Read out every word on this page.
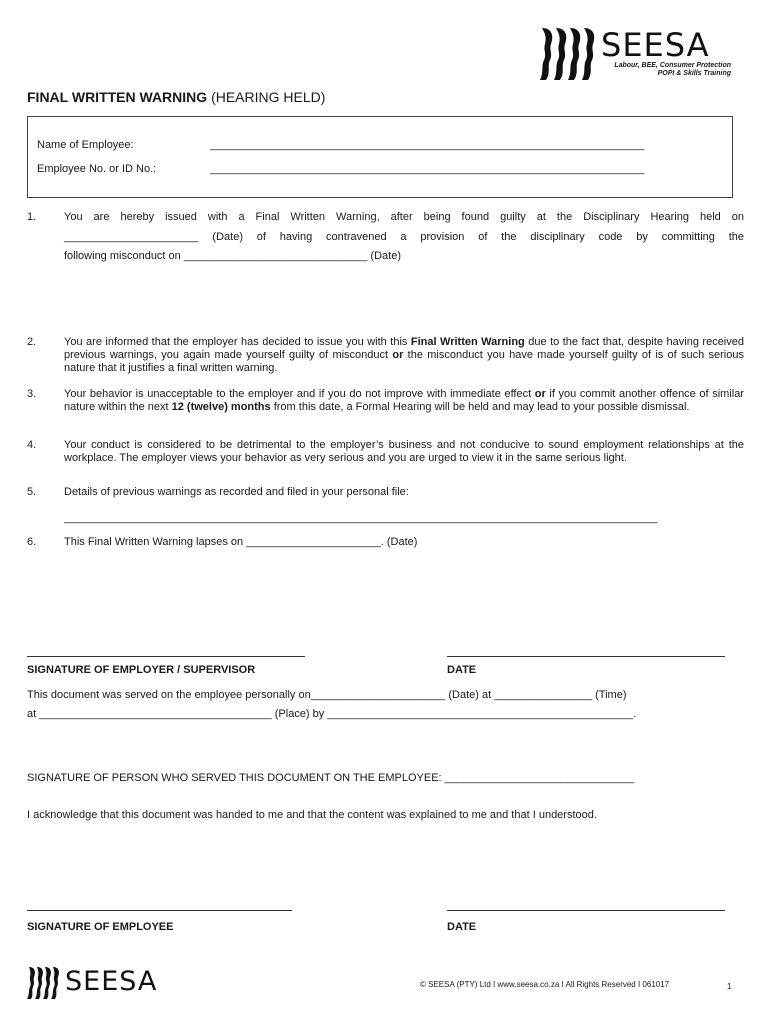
SEESA
Labour, BEE, Consumer Protection
POPI & Skills Training
FINAL WRITTEN WARNING (HEARING HELD)
Name of Employee:	_______________________________________________________________________
Employee No. or ID No.:	_______________________________________________________________________
1.	You are hereby issued with a Final Written Warning, after being found guilty at the Disciplinary Hearing held on
______________________ (Date) of having contravened a provision of the disciplinary code by committing the
following misconduct on ______________________________ (Date)
2.	You are informed that the employer has decided to issue you with this Final Written Warning due to the fact that, despite having received previous warnings, you again made yourself guilty of misconduct or the misconduct you have made yourself guilty of is of such serious nature that it justifies a final written warning.
3.	Your behavior is unacceptable to the employer and if you do not improve with immediate effect or if you commit another offence of similar nature within the next 12 (twelve) months from this date, a Formal Hearing will be held and may lead to your possible dismissal.
4.	Your conduct is considered to be detrimental to the employer’s business and not conducive to sound employment relationships at the workplace. The employer views your behavior as very serious and you are urged to view it in the same serious light.
5.	Details of previous warnings as recorded and filed in your personal file:
_________________________________________________________________________________________________
6.	This Final Written Warning lapses on ______________________. (Date)
SIGNATURE OF EMPLOYER / SUPERVISOR	DATE
This document was served on the employee personally on______________________ (Date) at ________________ (Time)
at ______________________________________ (Place) by __________________________________________________.
SIGNATURE OF PERSON WHO SERVED THIS DOCUMENT ON THE EMPLOYEE: _______________________________
I acknowledge that this document was handed to me and that the content was explained to me and that I understood.
SIGNATURE OF EMPLOYEE	DATE
SEESA	© SEESA (PTY) Ltd I www.seesa.co.za I All Rights Reserved I 061017	1
